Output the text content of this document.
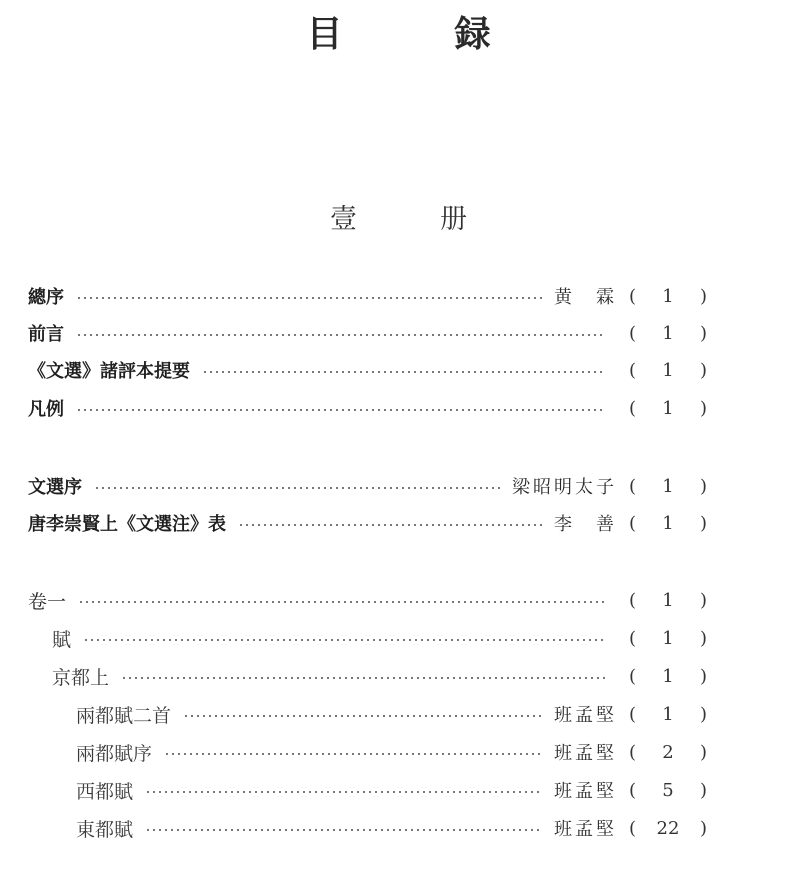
目　録
壹　册
總序	黄　霖 (	1	)
前言	(	1	)
《文選》諸評本提要	(	1	)
凡例	(	1	)
文選序	梁昭明太子 (	1	)
唐李崇賢上《文選注》表	李　善 (	1	)
卷一	(	1	)
賦	(	1	)
京都上	(	1	)
兩都賦二首	班孟堅 (	1	)
兩都賦序	班孟堅 (	2	)
西都賦	班孟堅 (	5	)
東都賦	班孟堅 (	22	)
